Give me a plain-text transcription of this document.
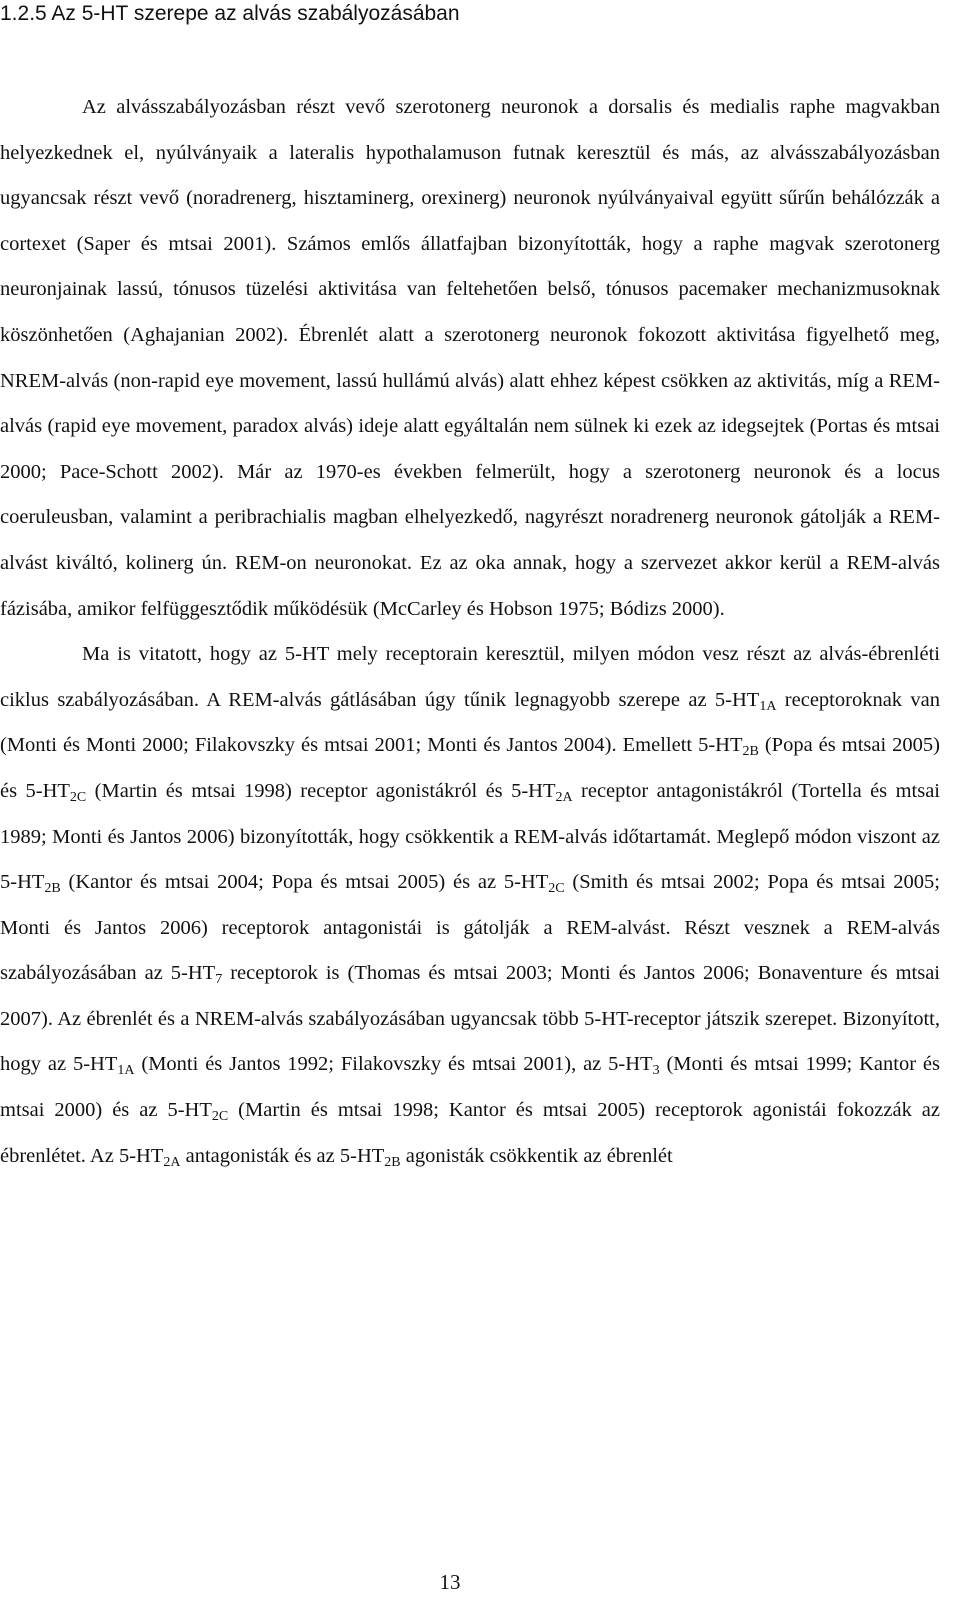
1.2.5 Az 5-HT szerepe az alvás szabályozásában

Az alvásszabályozásban részt vevő szerotonerg neuronok a dorsalis és medialis raphe magvakban helyezkednek el, nyúlványaik a lateralis hypothalamuson futnak keresztül és más, az alvásszabályozásban ugyancsak részt vevő (noradrenerg, hisztaminerg, orexinerg) neuronok nyúlványaival együtt sűrűn behálózzák a cortexet (Saper és mtsai 2001). Számos emlős állatfajban bizonyították, hogy a raphe magvak szerotonerg neuronjainak lassú, tónusos tüzelési aktivitása van feltehetően belső, tónusos pacemaker mechanizmusoknak köszönhetően (Aghajanian 2002). Ébrenlét alatt a szerotonerg neuronok fokozott aktivitása figyelhető meg, NREM-alvás (non-rapid eye movement, lassú hullámú alvás) alatt ehhez képest csökken az aktivitás, míg a REM-alvás (rapid eye movement, paradox alvás) ideje alatt egyáltalán nem sülnek ki ezek az idegsejtek (Portas és mtsai 2000; Pace-Schott 2002). Már az 1970-es években felmerült, hogy a szerotonerg neuronok és a locus coeruleusban, valamint a peribrachialis magban elhelyezkedő, nagyrészt noradrenerg neuronok gátolják a REM-alvást kiváltó, kolinerg ún. REM-on neuronokat. Ez az oka annak, hogy a szervezet akkor kerül a REM-alvás fázisába, amikor felfüggesztődik működésük (McCarley és Hobson 1975; Bódizs 2000).

Ma is vitatott, hogy az 5-HT mely receptorain keresztül, milyen módon vesz részt az alvás-ébrenléti ciklus szabályozásában. A REM-alvás gátlásában úgy tűnik legnagyobb szerepe az $5-HT_{1A}$ receptoroknak van (Monti és Monti 2000; Filakovszky és mtsai 2001; Monti és Jantos 2004). Emellett $5-HT_{2B}$ (Popa és mtsai 2005) és $5-HT_{2C}$ (Martin és mtsai 1998) receptor agonistákról és $5-HT_{2A}$ receptor antagonistákról (Tortella és mtsai 1989; Monti és Jantos 2006) bizonyították, hogy csökkentik a REM-alvás időtartamát. Meglepő módon viszont az $5-HT_{2B}$ (Kantor és mtsai 2004; Popa és mtsai 2005) és az $5-HT_{2C}$ (Smith és mtsai 2002; Popa és mtsai 2005; Monti és Jantos 2006) receptorok antagonistái is gátolják a REM-alvást. Részt vesznek a REM-alvás szabályozásában az $5-HT_7$ receptorok is (Thomas és mtsai 2003; Monti és Jantos 2006; Bonaventure és mtsai 2007). Az ébrenlét és a NREM-alvás szabályozásában ugyancsak több 5-HT-receptor játszik szerepet. Bizonyított, hogy az $5-HT_{1A}$ (Monti és Jantos 1992; Filakovszky és mtsai 2001), az $5-HT_3$ (Monti és mtsai 1999; Kantor és mtsai 2000) és az $5-HT_{2C}$ (Martin és mtsai 1998; Kantor és mtsai 2005) receptorok agonistái fokozzák az ébrenlétet. Az $5-HT_{2A}$ antagonisták és az $5-HT_{2B}$ agonisták csökkentik az ébrenlét

13
